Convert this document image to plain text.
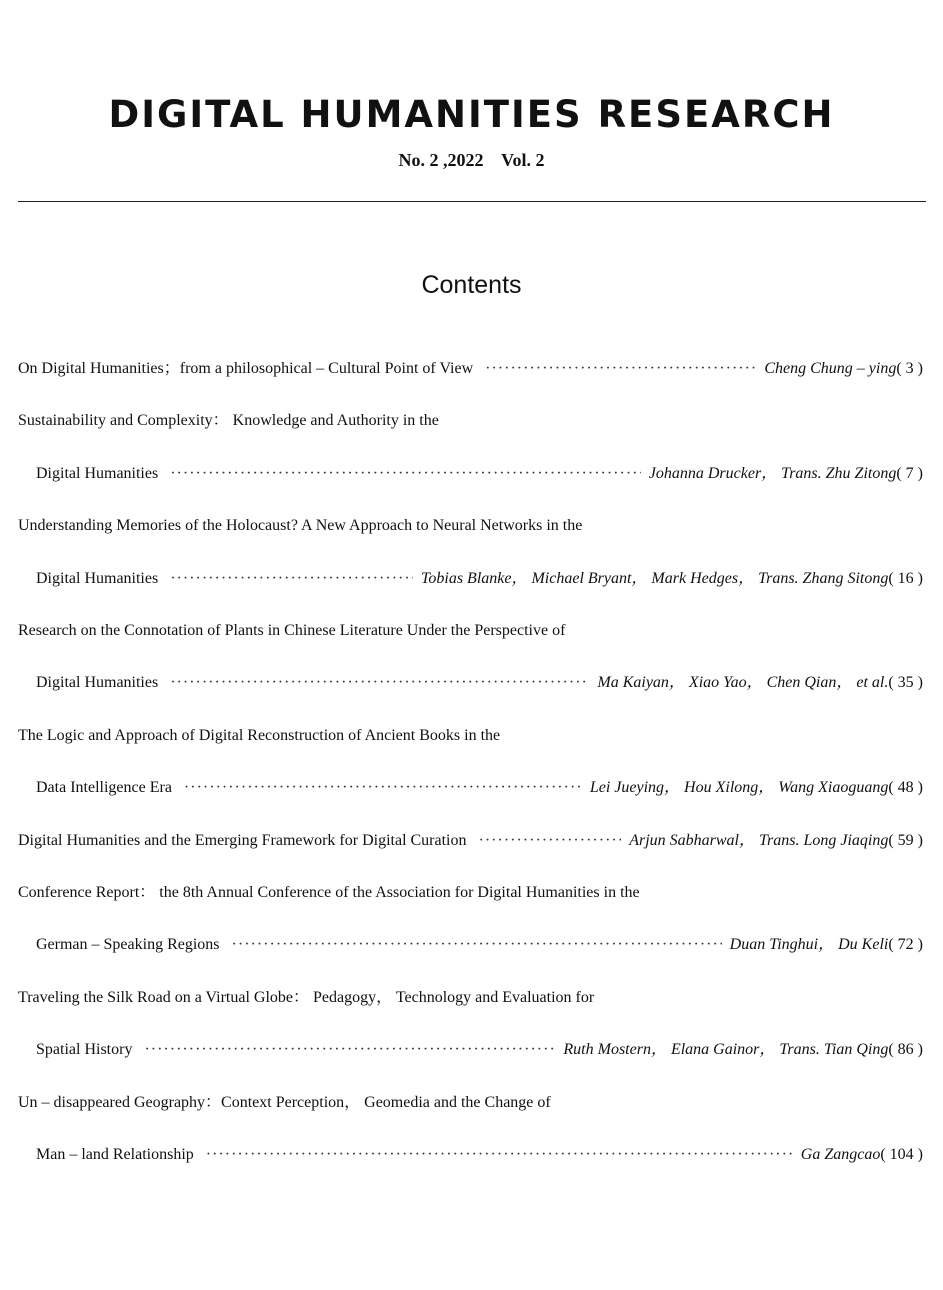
DIGITAL HUMANITIES RESEARCH
No. 2 ,2022    Vol. 2
Contents
On Digital Humanities；from a philosophical – Cultural Point of View ·····	Cheng Chung – ying ( 3 )
Sustainability and Complexity： Knowledge and Authority in the
Digital Humanities ·····	Johanna Drucker， Trans. Zhu Zitong ( 7 )
Understanding Memories of the Holocaust? A New Approach to Neural Networks in the
Digital Humanities ·····	Tobias Blanke， Michael Bryant， Mark Hedges， Trans. Zhang Sitong ( 16 )
Research on the Connotation of Plants in Chinese Literature Under the Perspective of
Digital Humanities ·····	Ma Kaiyan， Xiao Yao， Chen Qian， et al. ( 35 )
The Logic and Approach of Digital Reconstruction of Ancient Books in the
Data Intelligence Era ·····	Lei Jueying， Hou Xilong， Wang Xiaoguang ( 48 )
Digital Humanities and the Emerging Framework for Digital Curation ·····	Arjun Sabharwal， Trans. Long Jiaqing ( 59 )
Conference Report： the 8th Annual Conference of the Association for Digital Humanities in the
German – Speaking Regions ·····	Duan Tinghui， Du Keli ( 72 )
Traveling the Silk Road on a Virtual Globe： Pedagogy， Technology and Evaluation for
Spatial History ·····	Ruth Mostern， Elana Gainor， Trans. Tian Qing ( 86 )
Un – disappeared Geography：Context Perception， Geomedia and the Change of
Man – land Relationship ·····	Ga Zangcao ( 104 )
